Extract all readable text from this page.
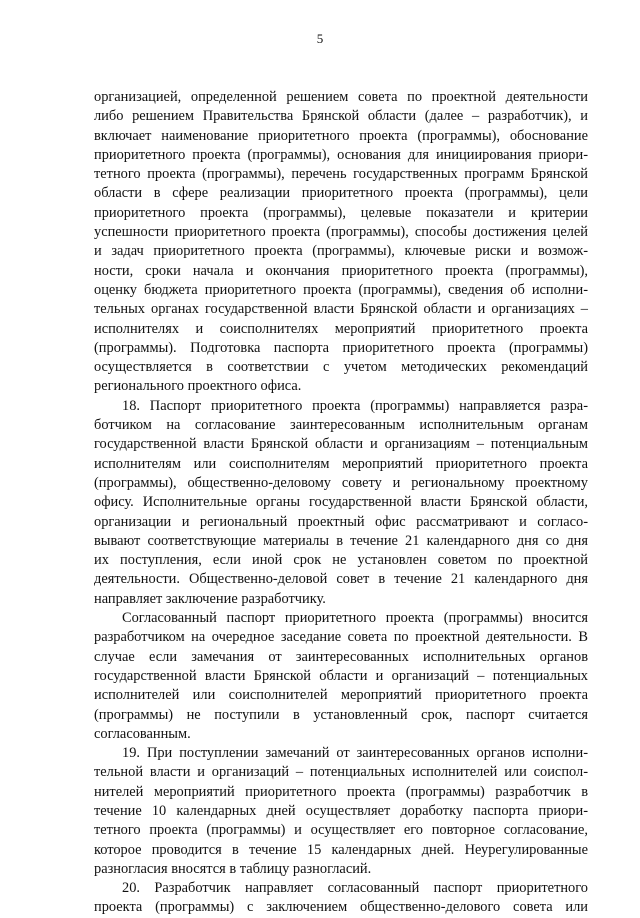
5
организацией, определенной решением совета по проектной деятельности
либо решением Правительства Брянской области (далее – разработчик), и
включает наименование приоритетного проекта (программы), обоснование
приоритетного проекта (программы), основания для инициирования приори-
тетного проекта (программы), перечень государственных программ Брянской
области в сфере реализации приоритетного проекта (программы), цели
приоритетного проекта (программы), целевые показатели и критерии
успешности приоритетного проекта (программы), способы достижения целей
и задач приоритетного проекта (программы), ключевые риски и возмож-
ности, сроки начала и окончания приоритетного проекта (программы),
оценку бюджета приоритетного проекта (программы), сведения об исполни-
тельных органах государственной власти Брянской области и организациях –
исполнителях и соисполнителях мероприятий приоритетного проекта
(программы). Подготовка паспорта приоритетного проекта (программы)
осуществляется в соответствии с учетом методических рекомендаций
регионального проектного офиса.
18. Паспорт приоритетного проекта (программы) направляется разра-
ботчиком на согласование заинтересованным исполнительным органам
государственной власти Брянской области и организациям – потенциальным
исполнителям или соисполнителям мероприятий приоритетного проекта
(программы), общественно-деловому совету и региональному проектному
офису. Исполнительные органы государственной власти Брянской области,
организации и региональный проектный офис рассматривают и согласо-
вывают соответствующие материалы в течение 21 календарного дня со дня
их поступления, если иной срок не установлен советом по проектной
деятельности. Общественно-деловой совет в течение 21 календарного дня
направляет заключение разработчику.
Согласованный паспорт приоритетного проекта (программы) вносится
разработчиком на очередное заседание совета по проектной деятельности. В
случае если замечания от заинтересованных исполнительных органов
государственной власти Брянской области и организаций – потенциальных
исполнителей или соисполнителей мероприятий приоритетного проекта
(программы) не поступили в установленный срок, паспорт считается
согласованным.
19. При поступлении замечаний от заинтересованных органов исполни-
тельной власти и организаций – потенциальных исполнителей или соиспол-
нителей мероприятий приоритетного проекта (программы) разработчик в
течение 10 календарных дней осуществляет доработку паспорта приори-
тетного проекта (программы) и осуществляет его повторное согласование,
которое проводится в течение 15 календарных дней. Неурегулированные
разногласия вносятся в таблицу разногласий.
20. Разработчик направляет согласованный паспорт приоритетного
проекта (программы) с заключением общественно-делового совета или
